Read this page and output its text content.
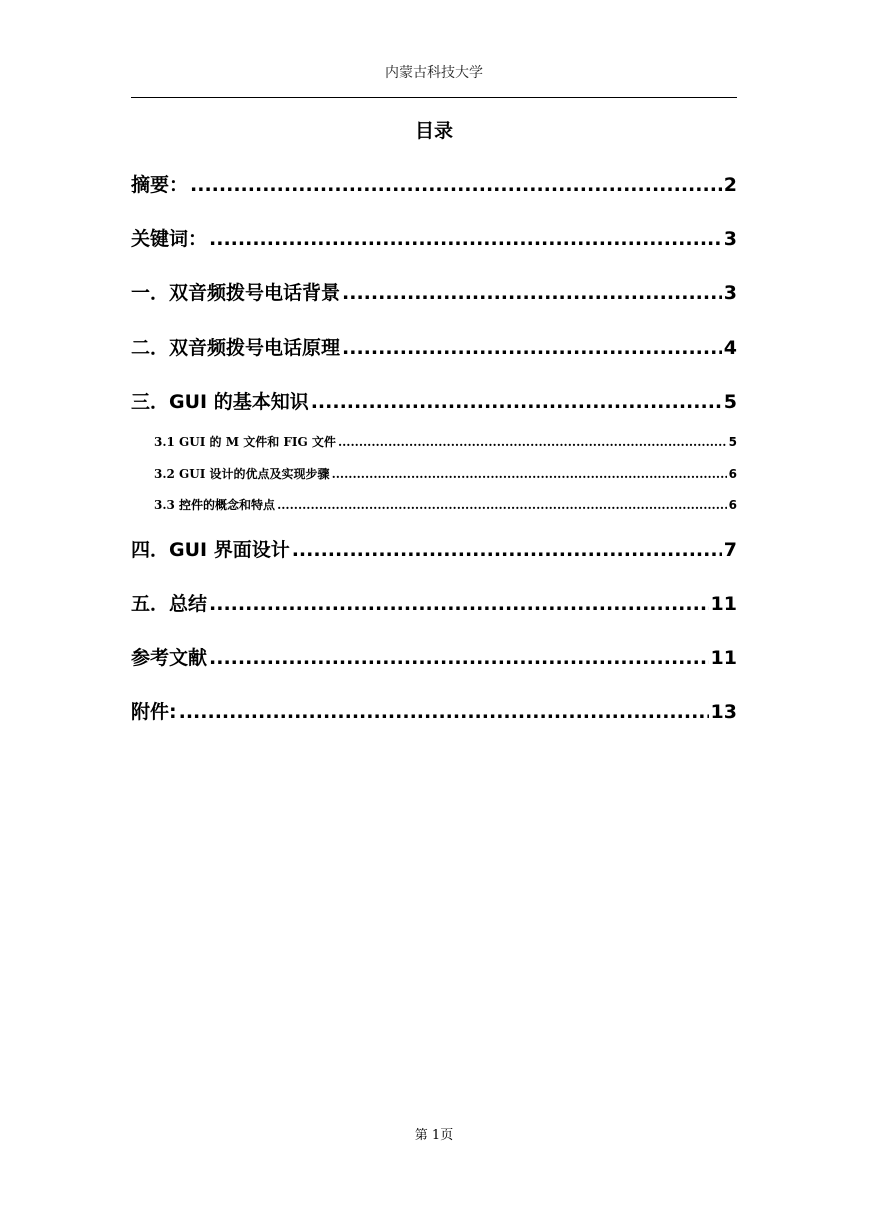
内蒙古科技大学
目录
摘要： .....	2
关键词： .....	3
一．双音频拨号电话背景 .....	3
二．双音频拨号电话原理 .....	4
三．GUI 的基本知识 .....	5
3.1 GUI 的 M 文件和 FIG 文件 .....	5
3.2 GUI 设计的优点及实现步骤 .....	6
3.3 控件的概念和特点 .....	6
四．GUI 界面设计 .....	7
五．总结 .....	11
参考文献 .....	11
附件: .....	13
第 1页
